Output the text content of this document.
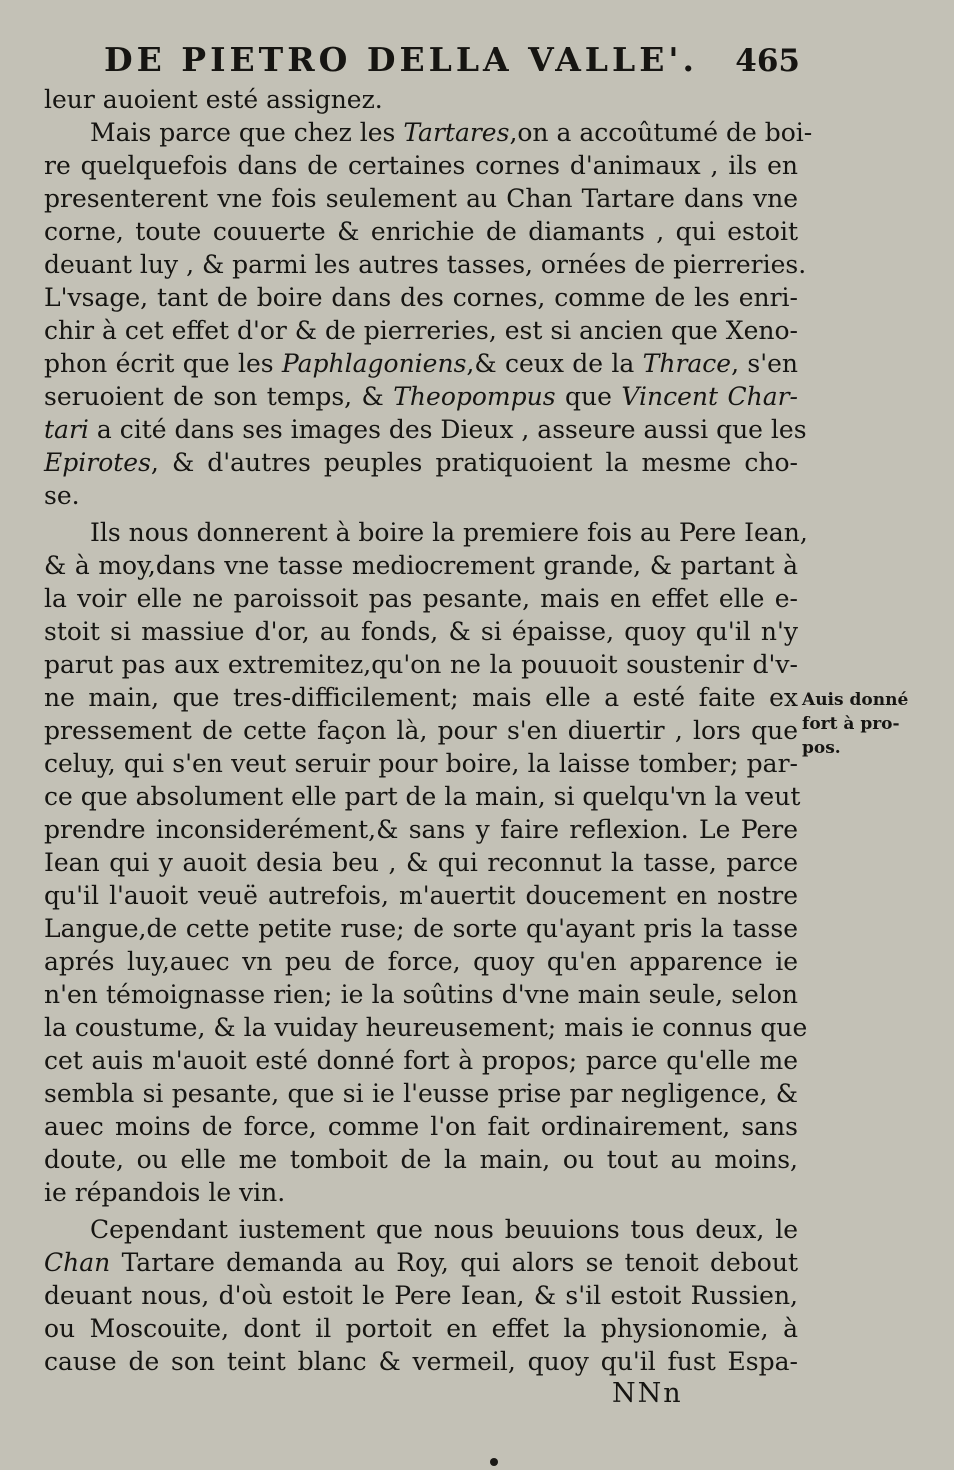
DE PIETRO DELLA VALLE'. 465
leur auoient esté assignez.
Mais parce que chez les Tartares,on a accoûtumé de boi-
re quelquefois dans de certaines cornes d'animaux , ils en
presenterent vne fois seulement au Chan Tartare dans vne
corne, toute couuerte & enrichie de diamants , qui estoit
deuant luy , & parmi les autres tasses, ornées de pierreries.
L'vsage, tant de boire dans des cornes, comme de les enri-
chir à cet effet d'or & de pierreries, est si ancien que Xeno-
phon écrit que les Paphlagoniens,& ceux de la Thrace, s'en
seruoient de son temps, & Theopompus que Vincent Char-
tari a cité dans ses images des Dieux , asseure aussi que les
Epirotes, & d'autres peuples pratiquoient la mesme cho-
se.
Ils nous donnerent à boire la premiere fois au Pere Iean,
& à moy,dans vne tasse mediocrement grande, & partant à
la voir elle ne paroissoit pas pesante, mais en effet elle e-
stoit si massiue d'or, au fonds, & si épaisse, quoy qu'il n'y
parut pas aux extremitez,qu'on ne la pouuoit soustenir d'v-
ne main, que tres-difficilement; mais elle a esté faite ex
pressement de cette façon là, pour s'en diuertir , lors que
celuy, qui s'en veut seruir pour boire, la laisse tomber; par-
ce que absolument elle part de la main, si quelqu'vn la veut
prendre inconsiderément,& sans y faire reflexion. Le Pere
Iean qui y auoit desia beu , & qui reconnut la tasse, parce
qu'il l'auoit veuë autrefois, m'auertit doucement en nostre
Langue,de cette petite ruse; de sorte qu'ayant pris la tasse
aprés luy,auec vn peu de force, quoy qu'en apparence ie
n'en témoignasse rien; ie la soûtins d'vne main seule, selon
la coustume, & la vuiday heureusement; mais ie connus que
cet auis m'auoit esté donné fort à propos; parce qu'elle me
sembla si pesante, que si ie l'eusse prise par negligence, &
auec moins de force, comme l'on fait ordinairement, sans
doute, ou elle me tomboit de la main, ou tout au moins,
ie répandois le vin.
Cependant iustement que nous beuuions tous deux, le
Chan Tartare demanda au Roy, qui alors se tenoit debout
deuant nous, d'où estoit le Pere Iean, & s'il estoit Russien,
ou Moscouite, dont il portoit en effet la physionomie, à
cause de son teint blanc & vermeil, quoy qu'il fust Espa-
Auis donné
fort à pro-
pos.
NNn
